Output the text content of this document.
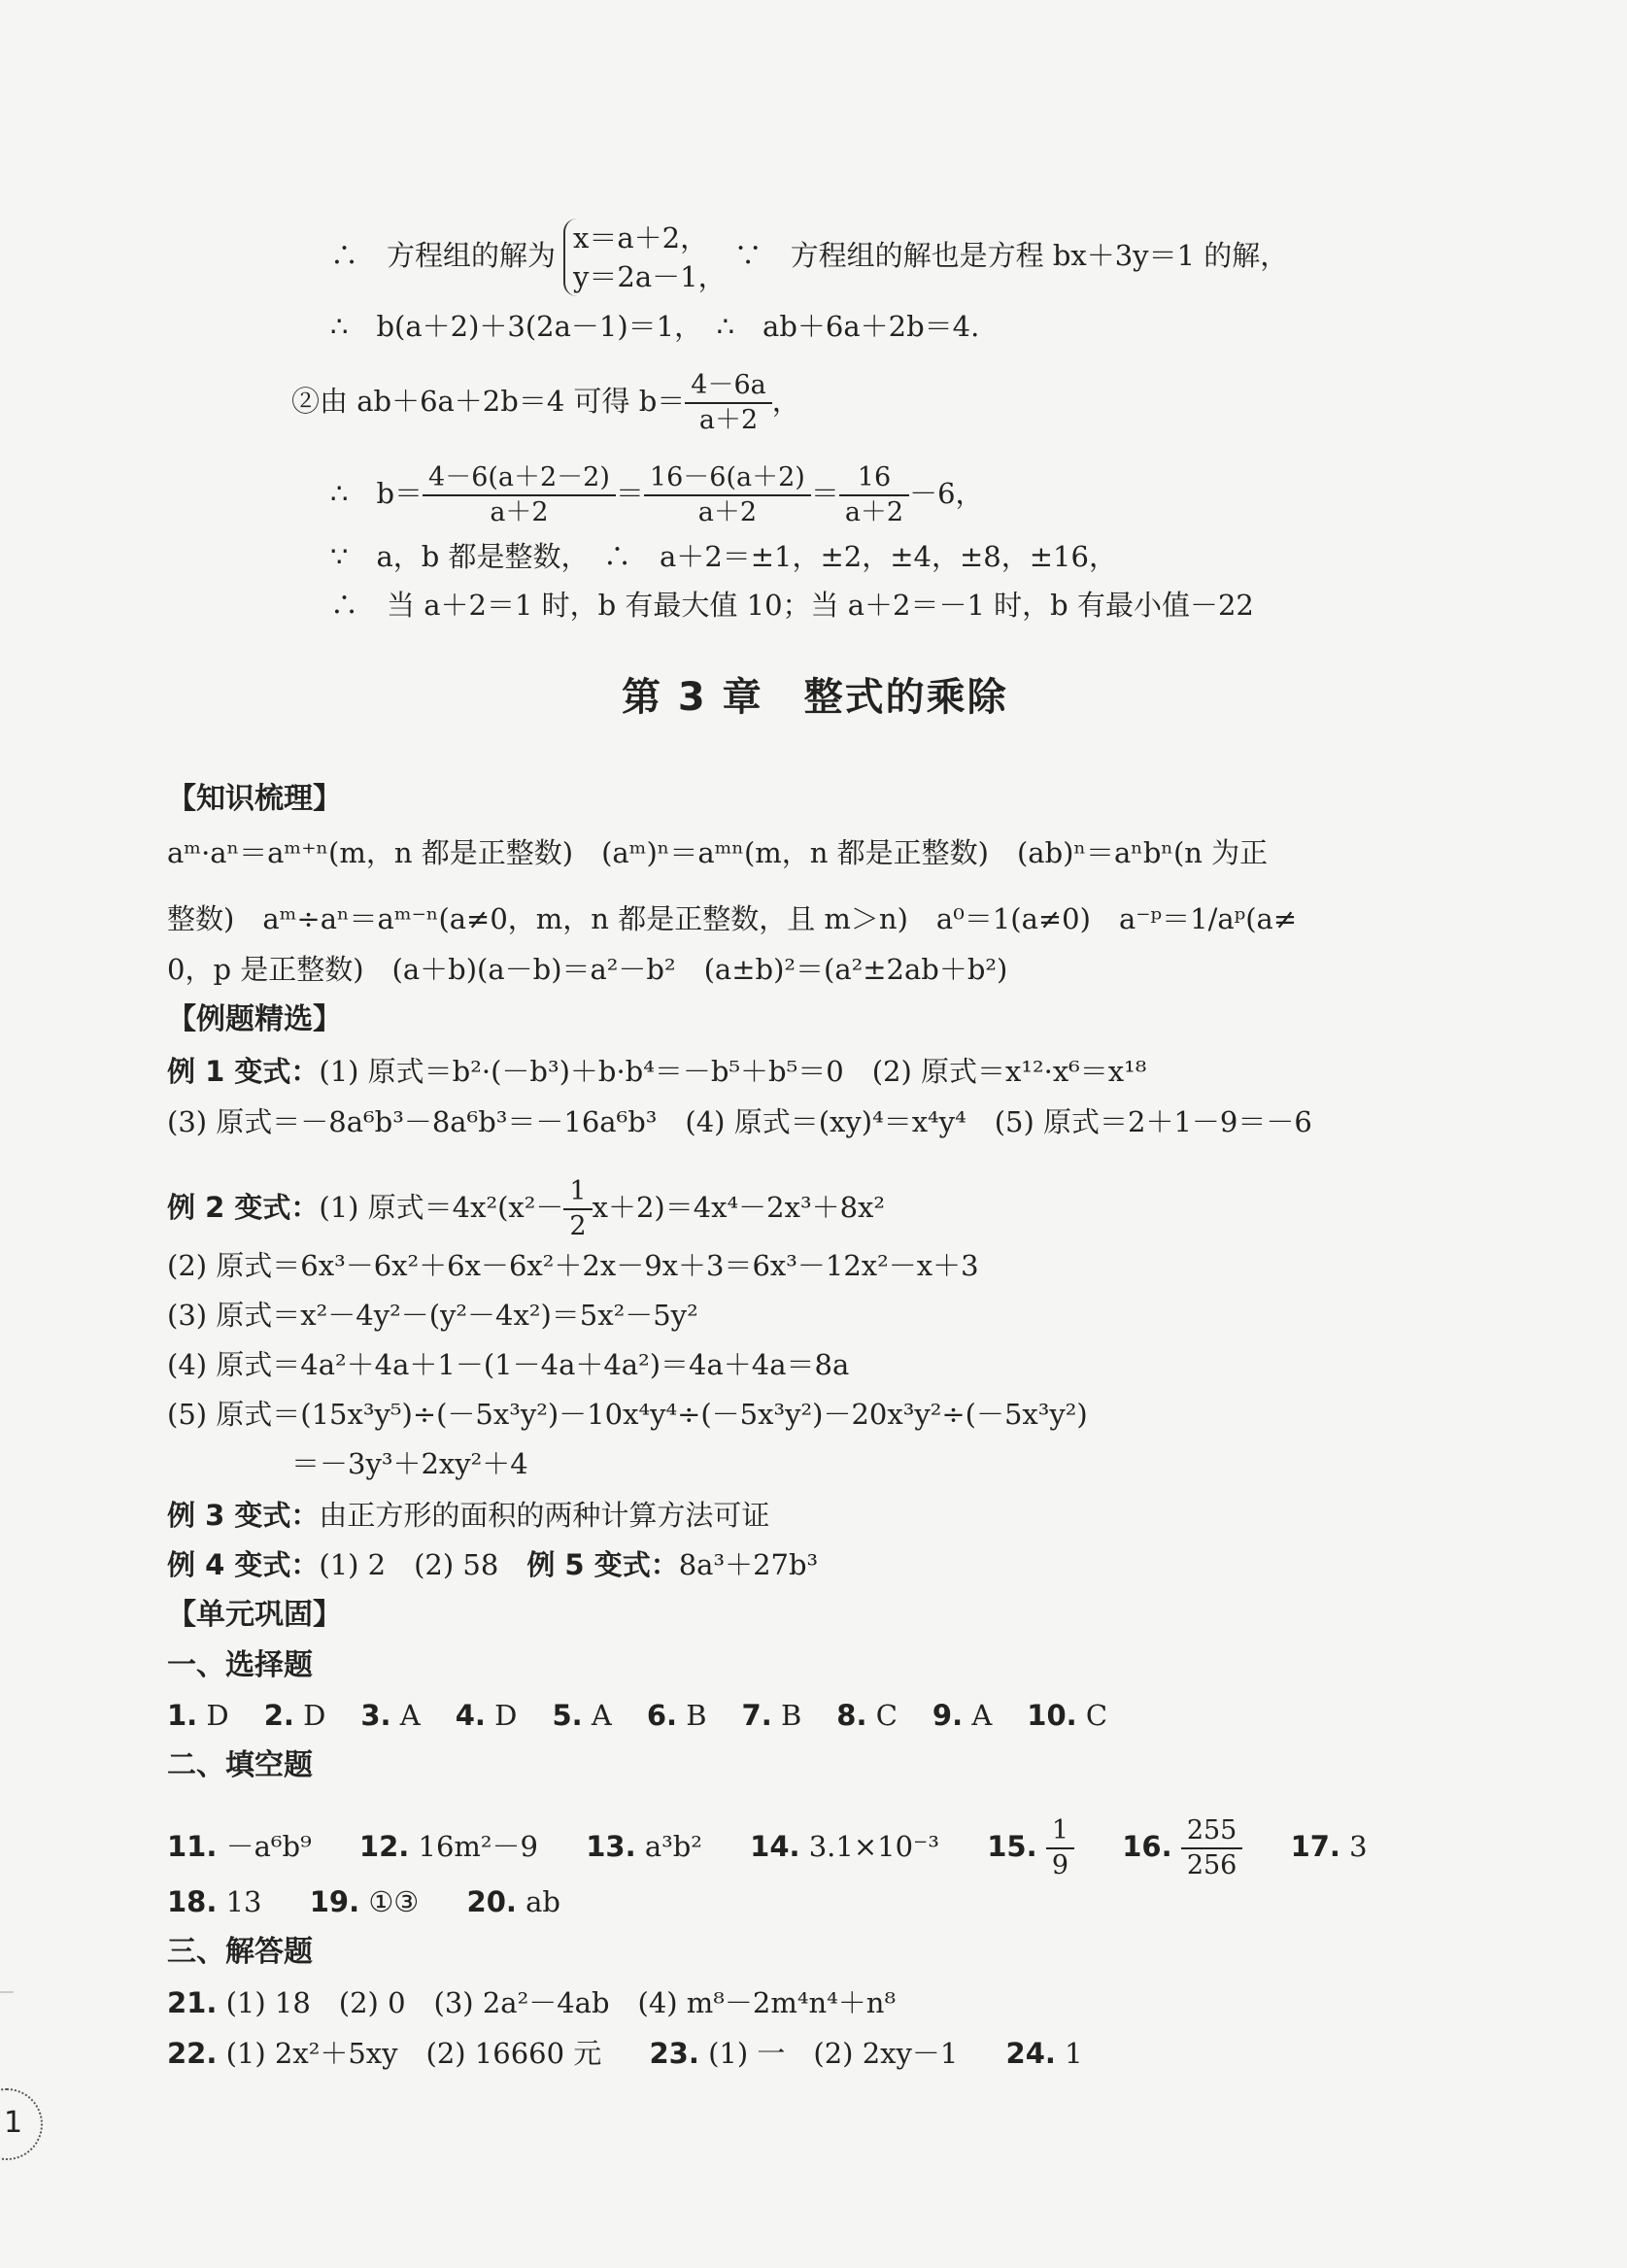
∴　方程组的解为
x＝a＋2，
y＝2a－1，
∵　方程组的解也是方程 bx＋3y＝1 的解，
∴　b(a＋2)＋3(2a－1)＝1，　∴　ab＋6a＋2b＝4.
②由 ab＋6a＋2b＝4 可得 $b= \frac{4-6a}{a+2}$ ，
∴　$b= \frac{4-6(a+2-2)}{a+2} = \frac{16-6(a+2)}{a+2} = \frac{16}{a+2} -6$，
∵　a，b 都是整数，　∴　a＋2＝±1，±2，±4，±8，±16，
∴　当 a＋2＝1 时，b 有最大值 10；当 a＋2＝－1 时，b 有最小值－22
第 3 章　整式的乘除
【知识梳理】
aᵐ·aⁿ＝aᵐ⁺ⁿ(m，n 都是正整数)　(aᵐ)ⁿ＝aᵐⁿ(m，n 都是正整数)　(ab)ⁿ＝aⁿbⁿ(n 为正
整数)　aᵐ÷aⁿ＝aᵐ⁻ⁿ(a≠0，m，n 都是正整数，且 m＞n)　a⁰＝1(a≠0)　a⁻ᵖ＝1/aᵖ(a≠
0，p 是正整数)　(a＋b)(a－b)＝a²－b²　(a±b)²＝(a²±2ab＋b²)
【例题精选】
例 1 变式：(1) 原式＝b²·(－b³)＋b·b⁴＝－b⁵＋b⁵＝0　(2) 原式＝x¹²·x⁶＝x¹⁸
(3) 原式＝－8a⁶b³－8a⁶b³＝－16a⁶b³　(4) 原式＝(xy)⁴＝x⁴y⁴　(5) 原式＝2＋1－9＝－6
例 2 变式：(1) 原式$=4x^2(x^2- \frac{1}{2} x+2)=4x^4-2x^3+8x^2$
(2) 原式＝6x³－6x²＋6x－6x²＋2x－9x＋3＝6x³－12x²－x＋3
(3) 原式＝x²－4y²－(y²－4x²)＝5x²－5y²
(4) 原式＝4a²＋4a＋1－(1－4a＋4a²)＝4a＋4a＝8a
(5) 原式＝(15x³y⁵)÷(－5x³y²)－10x⁴y⁴÷(－5x³y²)－20x³y²÷(－5x³y²)
＝－3y³＋2xy²＋4
例 3 变式：由正方形的面积的两种计算方法可证
例 4 变式：(1) 2　(2) 58　例 5 变式：8a³＋27b³
【单元巩固】
一、选择题
1. D 2. D 3. A 4. D 5. A 6. B 7. B 8. C 9. A 10. C
二、填空题
11. －a⁶b⁹ 12. 16m²－9 13. a³b² 14. 3.1×10⁻³ 15. $\frac{1}{9} 16$. $\frac{255}{256} 17$. 3
18. 13 19. ①③ 20. ab
三、解答题
21. (1) 18　(2) 0　(3) 2a²－4ab　(4) m⁸－2m⁴n⁴＋n⁸
22. (1) 2x²＋5xy　(2) 16660 元 23. (1) 一　(2) 2xy－1 24. 1
1
